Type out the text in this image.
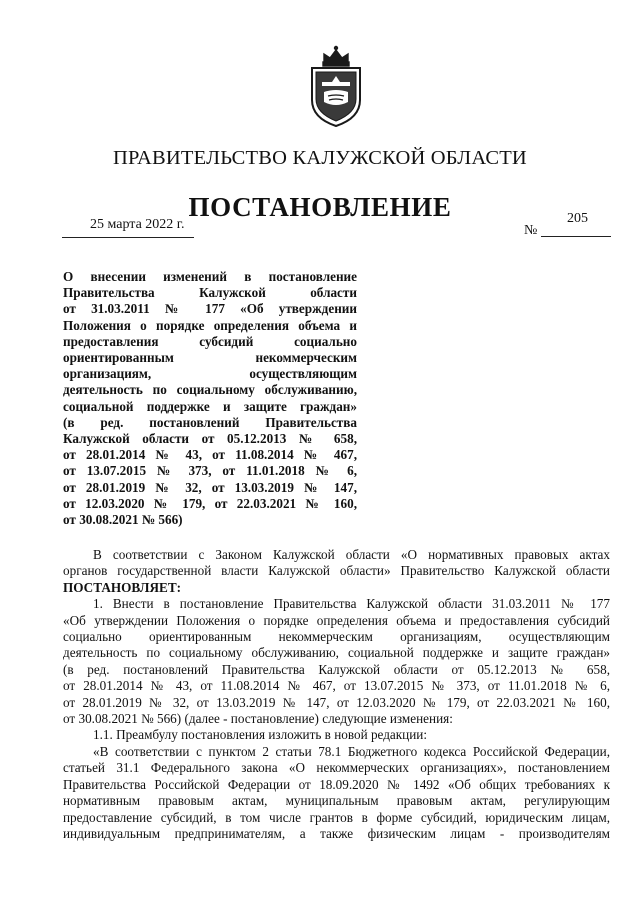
ПРАВИТЕЛЬСТВО КАЛУЖСКОЙ ОБЛАСТИ
ПОСТАНОВЛЕНИЕ
25 марта 2022 г.	№
205
О внесении изменений в постановление
Правительства Калужской области
от 31.03.2011 № 177 «Об утверждении
Положения о порядке определения объема и
предоставления субсидий социально
ориентированным некоммерческим
организациям, осуществляющим
деятельность по социальному обслуживанию,
социальной поддержке и защите граждан»
(в ред. постановлений Правительства
Калужской области от 05.12.2013 № 658,
от 28.01.2014 № 43, от 11.08.2014 № 467,
от 13.07.2015 № 373, от 11.01.2018 № 6,
от 28.01.2019 № 32, от 13.03.2019 № 147,
от 12.03.2020 № 179, от 22.03.2021 № 160,
от 30.08.2021 № 566)
В соответствии с Законом Калужской области «О нормативных правовых актах
органов государственной власти Калужской области» Правительство Калужской области
ПОСТАНОВЛЯЕТ:
1. Внести в постановление Правительства Калужской области 31.03.2011 № 177
«Об утверждении Положения о порядке определения объема и предоставления субсидий
социально ориентированным некоммерческим организациям, осуществляющим
деятельность по социальному обслуживанию, социальной поддержке и защите граждан»
(в ред. постановлений Правительства Калужской области от 05.12.2013 № 658,
от 28.01.2014 № 43, от 11.08.2014 № 467, от 13.07.2015 № 373, от 11.01.2018 № 6,
от 28.01.2019 № 32, от 13.03.2019 № 147, от 12.03.2020 № 179, от 22.03.2021 № 160,
от 30.08.2021 № 566) (далее - постановление) следующие изменения:
1.1. Преамбулу постановления изложить в новой редакции:
«В соответствии с пунктом 2 статьи 78.1 Бюджетного кодекса Российской Федерации,
статьей 31.1 Федерального закона «О некоммерческих организациях», постановлением
Правительства Российской Федерации от 18.09.2020 № 1492 «Об общих требованиях к
нормативным правовым актам, муниципальным правовым актам, регулирующим
предоставление субсидий, в том числе грантов в форме субсидий, юридическим лицам,
индивидуальным предпринимателям, а также физическим лицам - производителям
